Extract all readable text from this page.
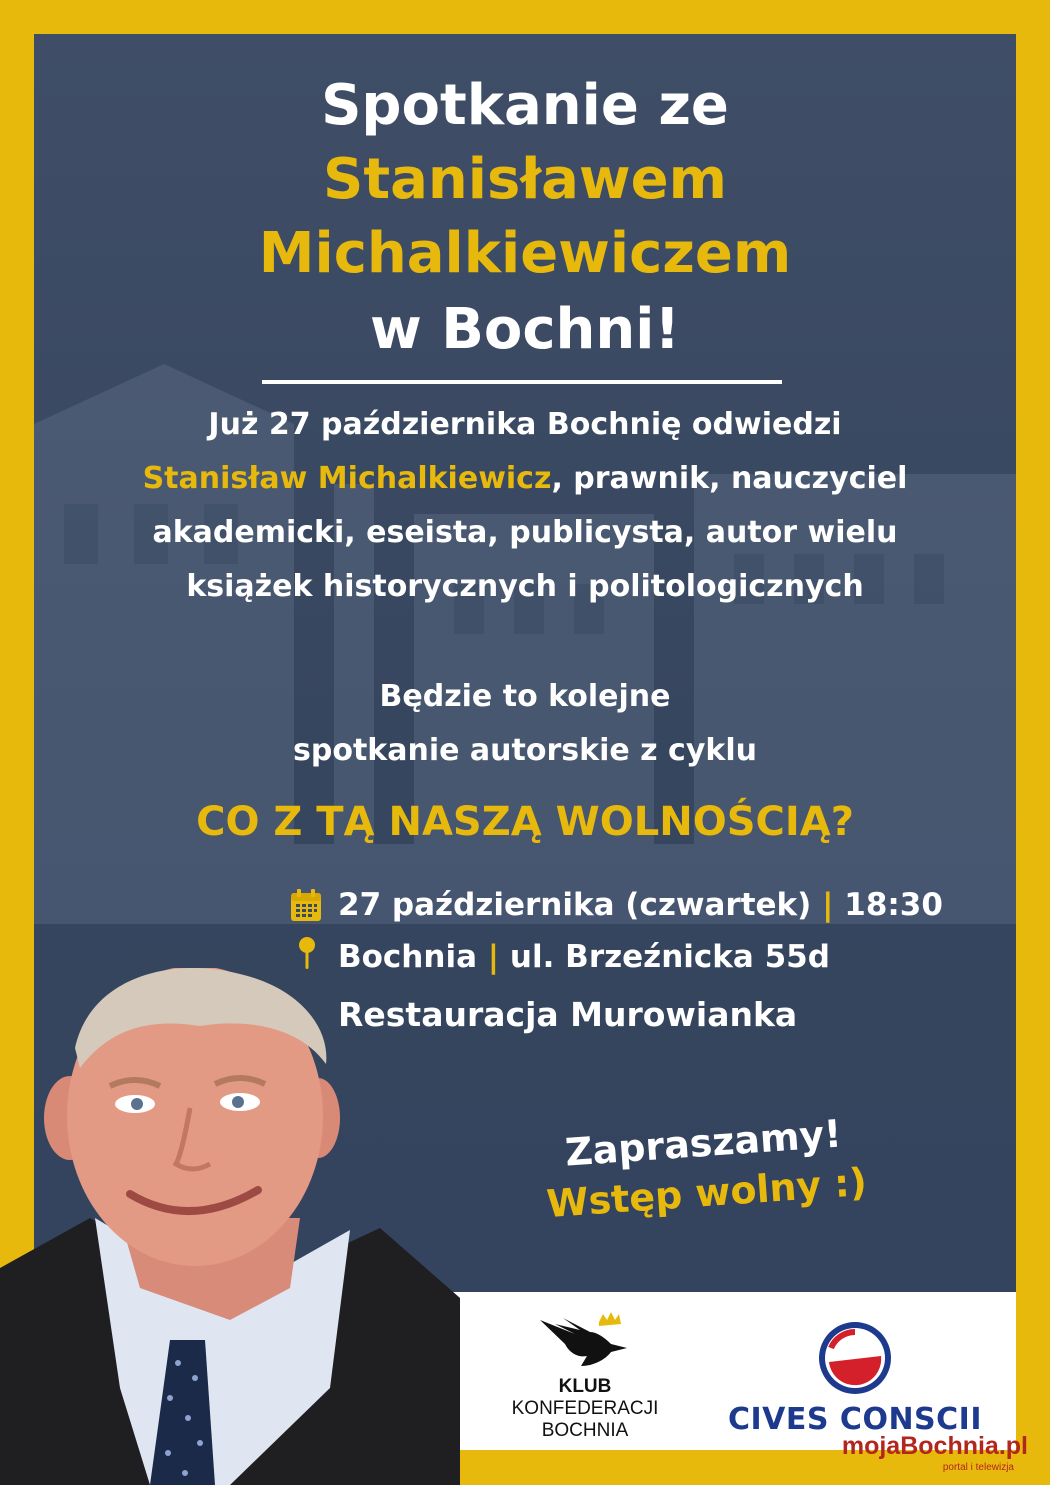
Spotkanie ze
Stanisławem
Michalkiewiczem
w Bochni!
Już 27 października Bochnię odwiedzi
Stanisław Michalkiewicz, prawnik, nauczyciel
akademicki, eseista, publicysta, autor wielu
książek historycznych i politologicznych
Będzie to kolejne
spotkanie autorskie z cyklu
CO Z TĄ NASZĄ WOLNOŚCIĄ?
27 października (czwartek) | 18:30
Bochnia | ul. Brzeźnicka 55d
Restauracja Murowianka
Zapraszamy!
Wstęp wolny :)
KLUB
KONFEDERACJI
BOCHNIA	CIVES CONSCII
mojaBochnia.pl
portal i telewizja
